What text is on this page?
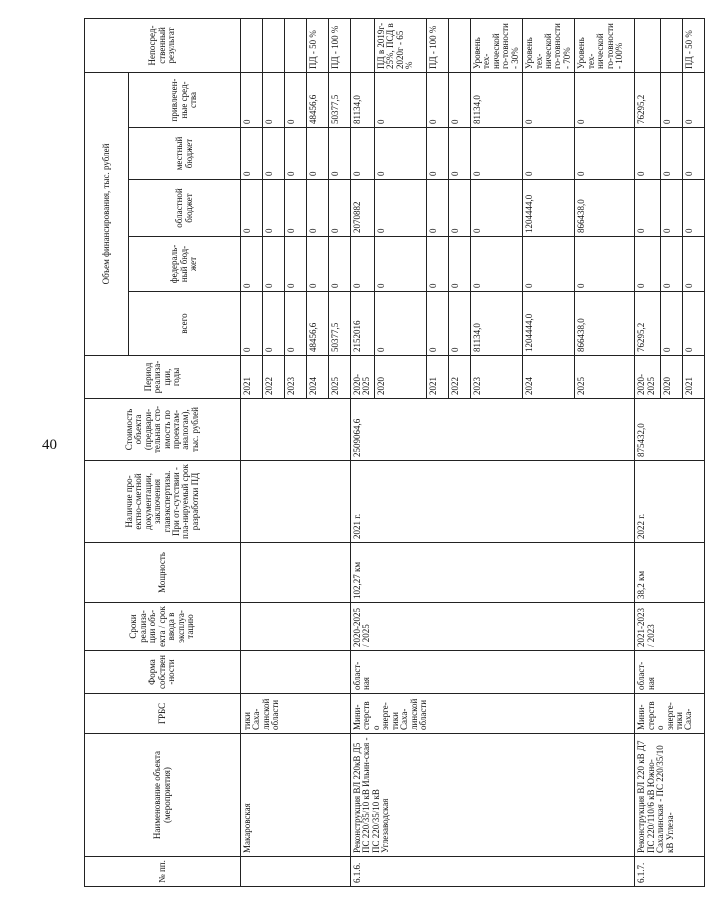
40
№ пп.	Наименование объекта (мероприятия)	ГРБС	Форма собствен-ности	Сроки реализа-ции объ-екта / срок ввода в эксплуа-тацию	Мощность	Наличие про-ектно-сметной документации, заключения главэкспертизы. При от-сутствии - пла-нируемый срок разработки ПД	Стоимость объекта (предвари-тельная сто-имость по проектам-аналогам), тыс. рублей	Период реализа-ции, годы	Объем финансирования, тыс. рублей					Непосред-ственный результат
									всего	федераль-ный бюд-жет	областной бюджет	местный бюджет	привлечен-ные сред-ства	
	Макаровская	тики Саха-линской области						2021	0	0	0	0	0	
								2022	0	0	0	0	0	
								2023	0	0	0	0	0	
								2024	48456,6	0	0	0	48456,6	ПД - 50 %
								2025	50377,5	0	0	0	50377,5	ПД - 100 %
6.1.6.	Реконструкция ВЛ 220кВ Д5 ПС 220/35/10 кВ Ильин-ская - ПС 220/35/10 кВ Углезаводская	Мини-стерство энерге-тики Саха-линской области	област-ная	2020-2025 / 2025	102,27 км	2021 г.	2509064,6	2020-2025	2152016	0	2070882	0	81134,0	
								2020	0	0	0	0	0	ПД в 2019г- 25%, ПСД в 2020г - 65 %
								2021	0	0	0	0	0	ПД - 100 %
								2022	0	0	0	0	0	
								2023	81134,0	0	0	0	81134,0	Уровень тех-нической го-товности - 30%
								2024	1204444,0	0	1204444,0	0	0	Уровень тех-нической го-товности - 70%
								2025	866438,0	0	866438,0	0	0	Уровень тех-нической го-товности - 100%
6.1.7.	Реконструкция ВЛ 220 кВ Д7 ПС 220/110/6 кВ Южно-Сахалинская - ПС 220/35/10 кВ Углеза-	Мини-стерство энерге-тики Саха-	област-ная	2021-2023 / 2023	38,2 км	2022 г.	875432,0	2020-2025	76295,2	0	0	0	76295,2	
								2020	0	0	0	0	0	
								2021	0	0	0	0	0	ПД - 50 %
